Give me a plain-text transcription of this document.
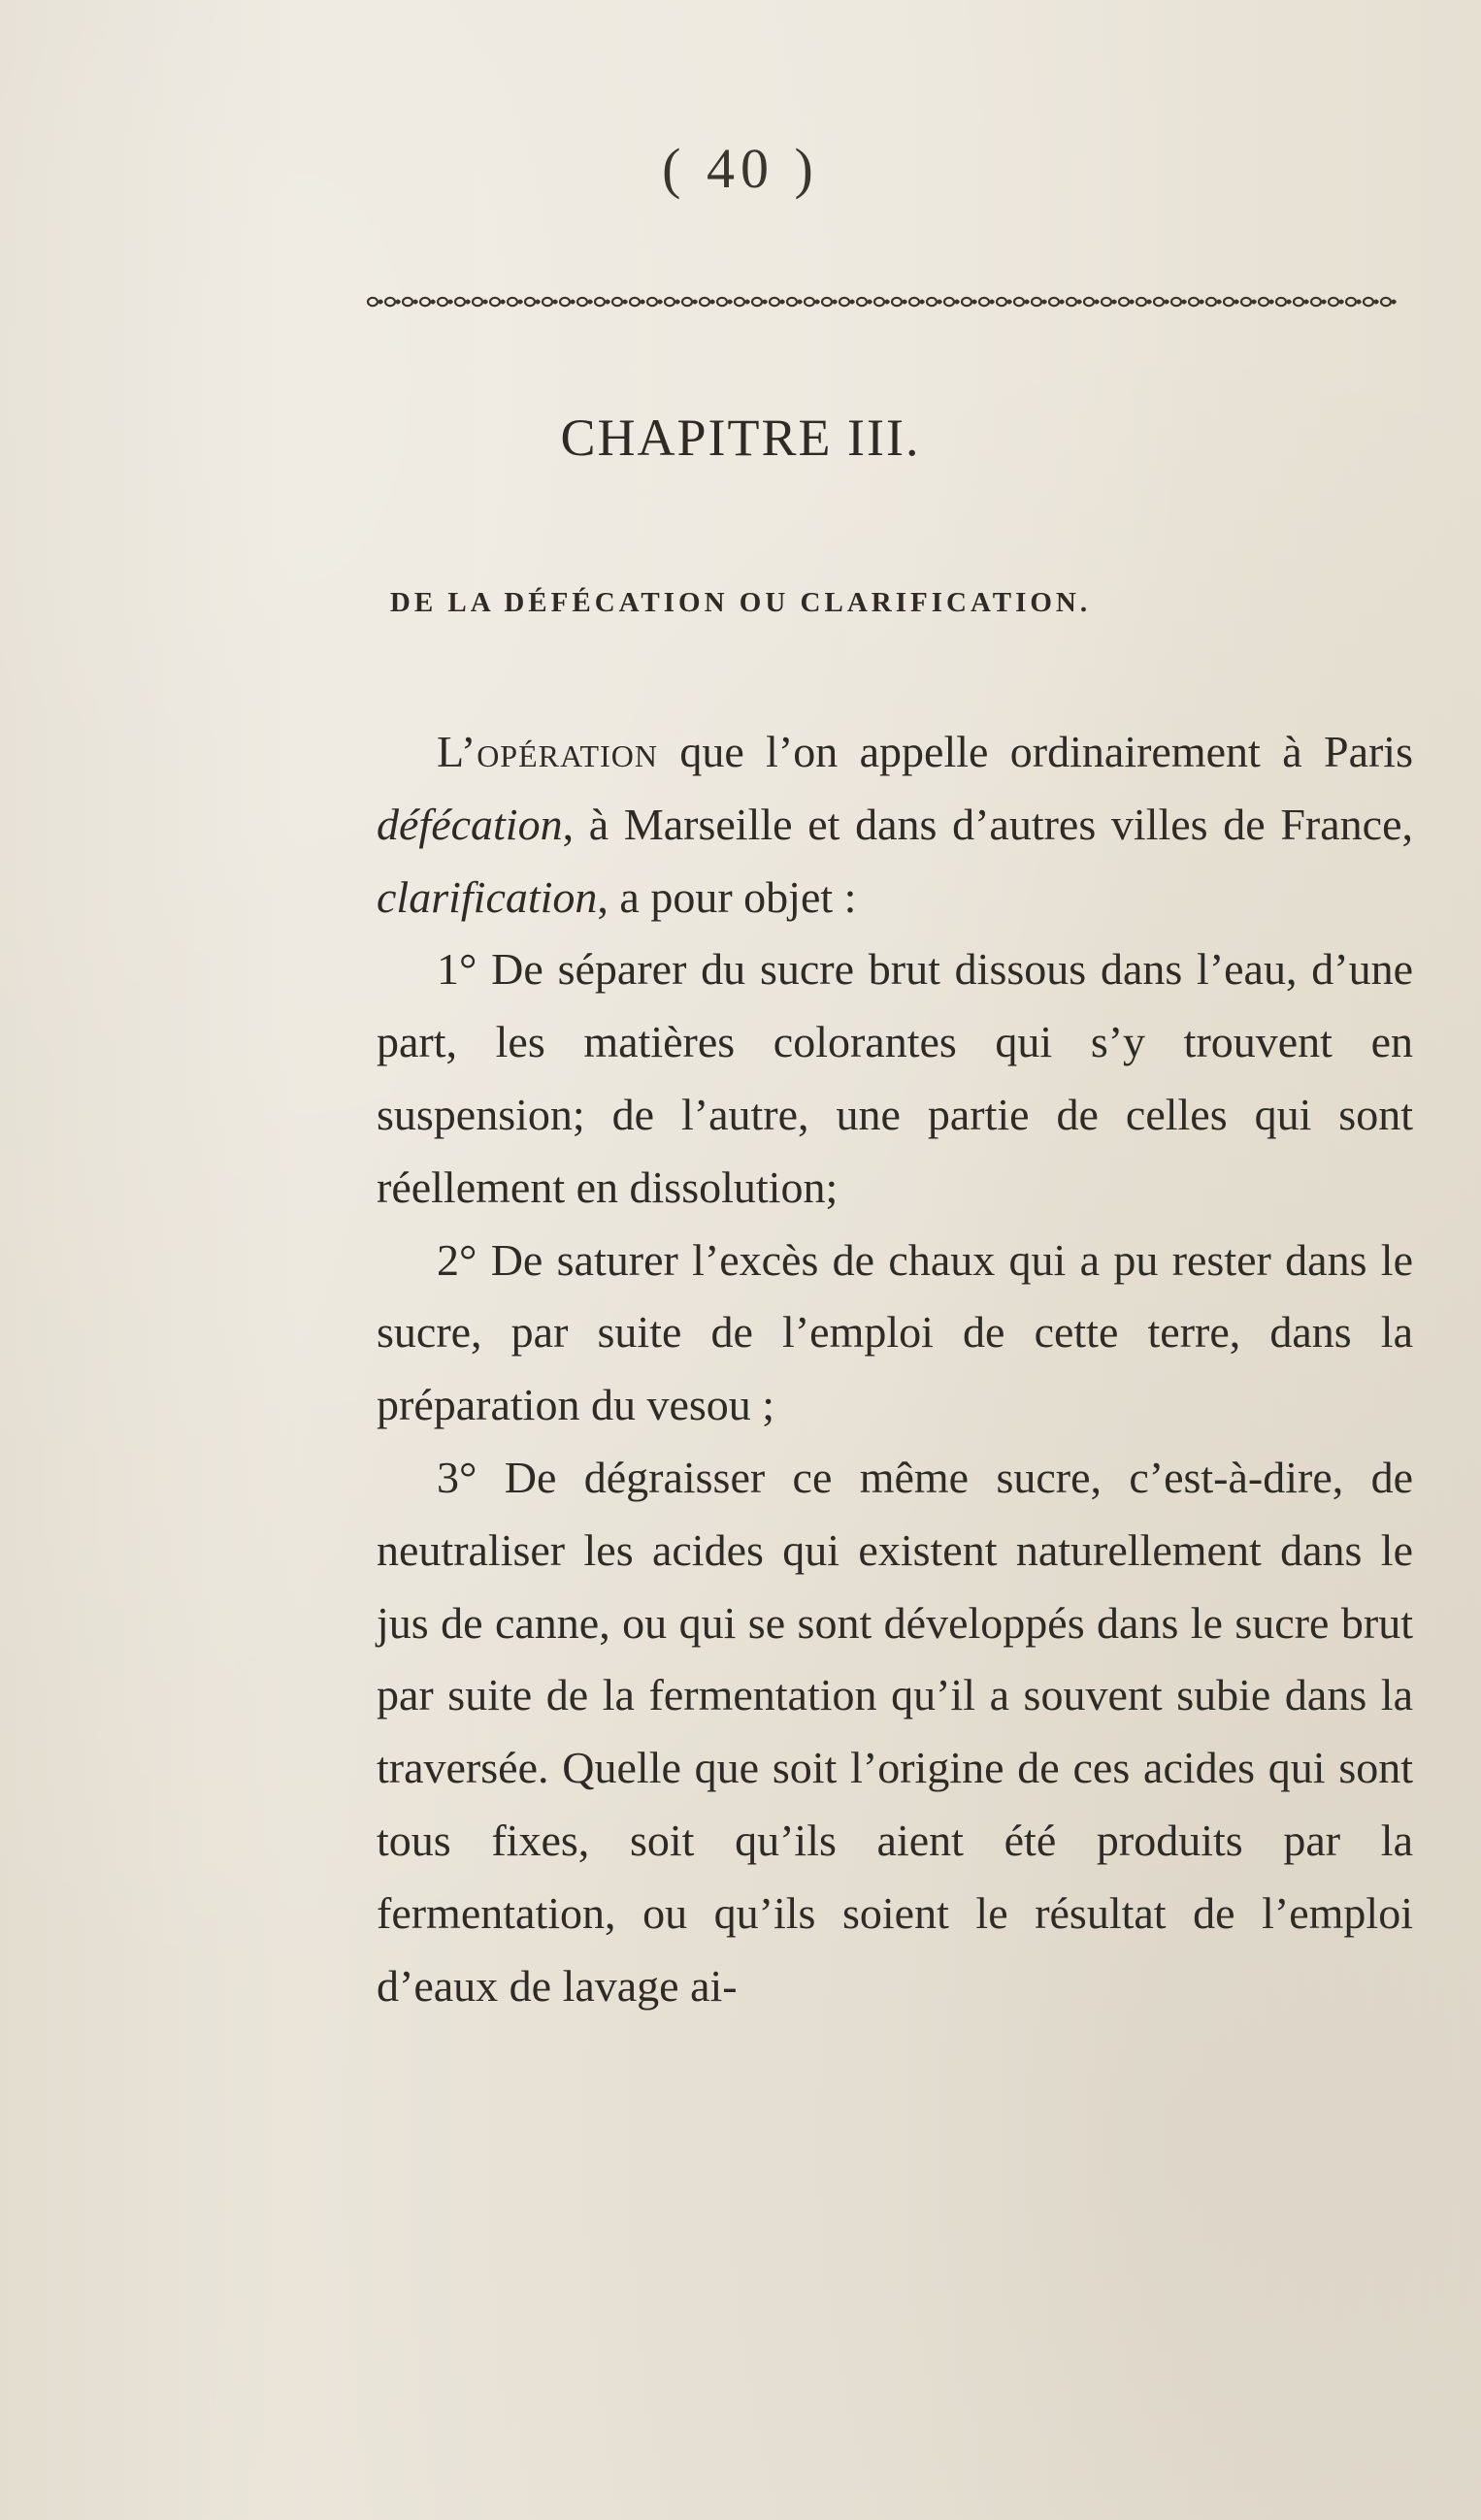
( 40 )
CHAPITRE III.
DE LA DÉFÉCATION OU CLARIFICATION.

L’opération que l’on appelle ordinairement à Paris défécation, à Marseille et dans d’autres villes de France, clarification, a pour objet :

1° De séparer du sucre brut dissous dans l’eau, d’une part, les matières colorantes qui s’y trouvent en suspension; de l’autre, une partie de celles qui sont réellement en dissolution;

2° De saturer l’excès de chaux qui a pu rester dans le sucre, par suite de l’emploi de cette terre, dans la préparation du vesou ;

3° De dégraisser ce même sucre, c’est-à-dire, de neutraliser les acides qui existent naturellement dans le jus de canne, ou qui se sont développés dans le sucre brut par suite de la fermentation qu’il a souvent subie dans la traversée. Quelle que soit l’origine de ces acides qui sont tous fixes, soit qu’ils aient été produits par la fermentation, ou qu’ils soient le résultat de l’emploi d’eaux de lavage ai-
